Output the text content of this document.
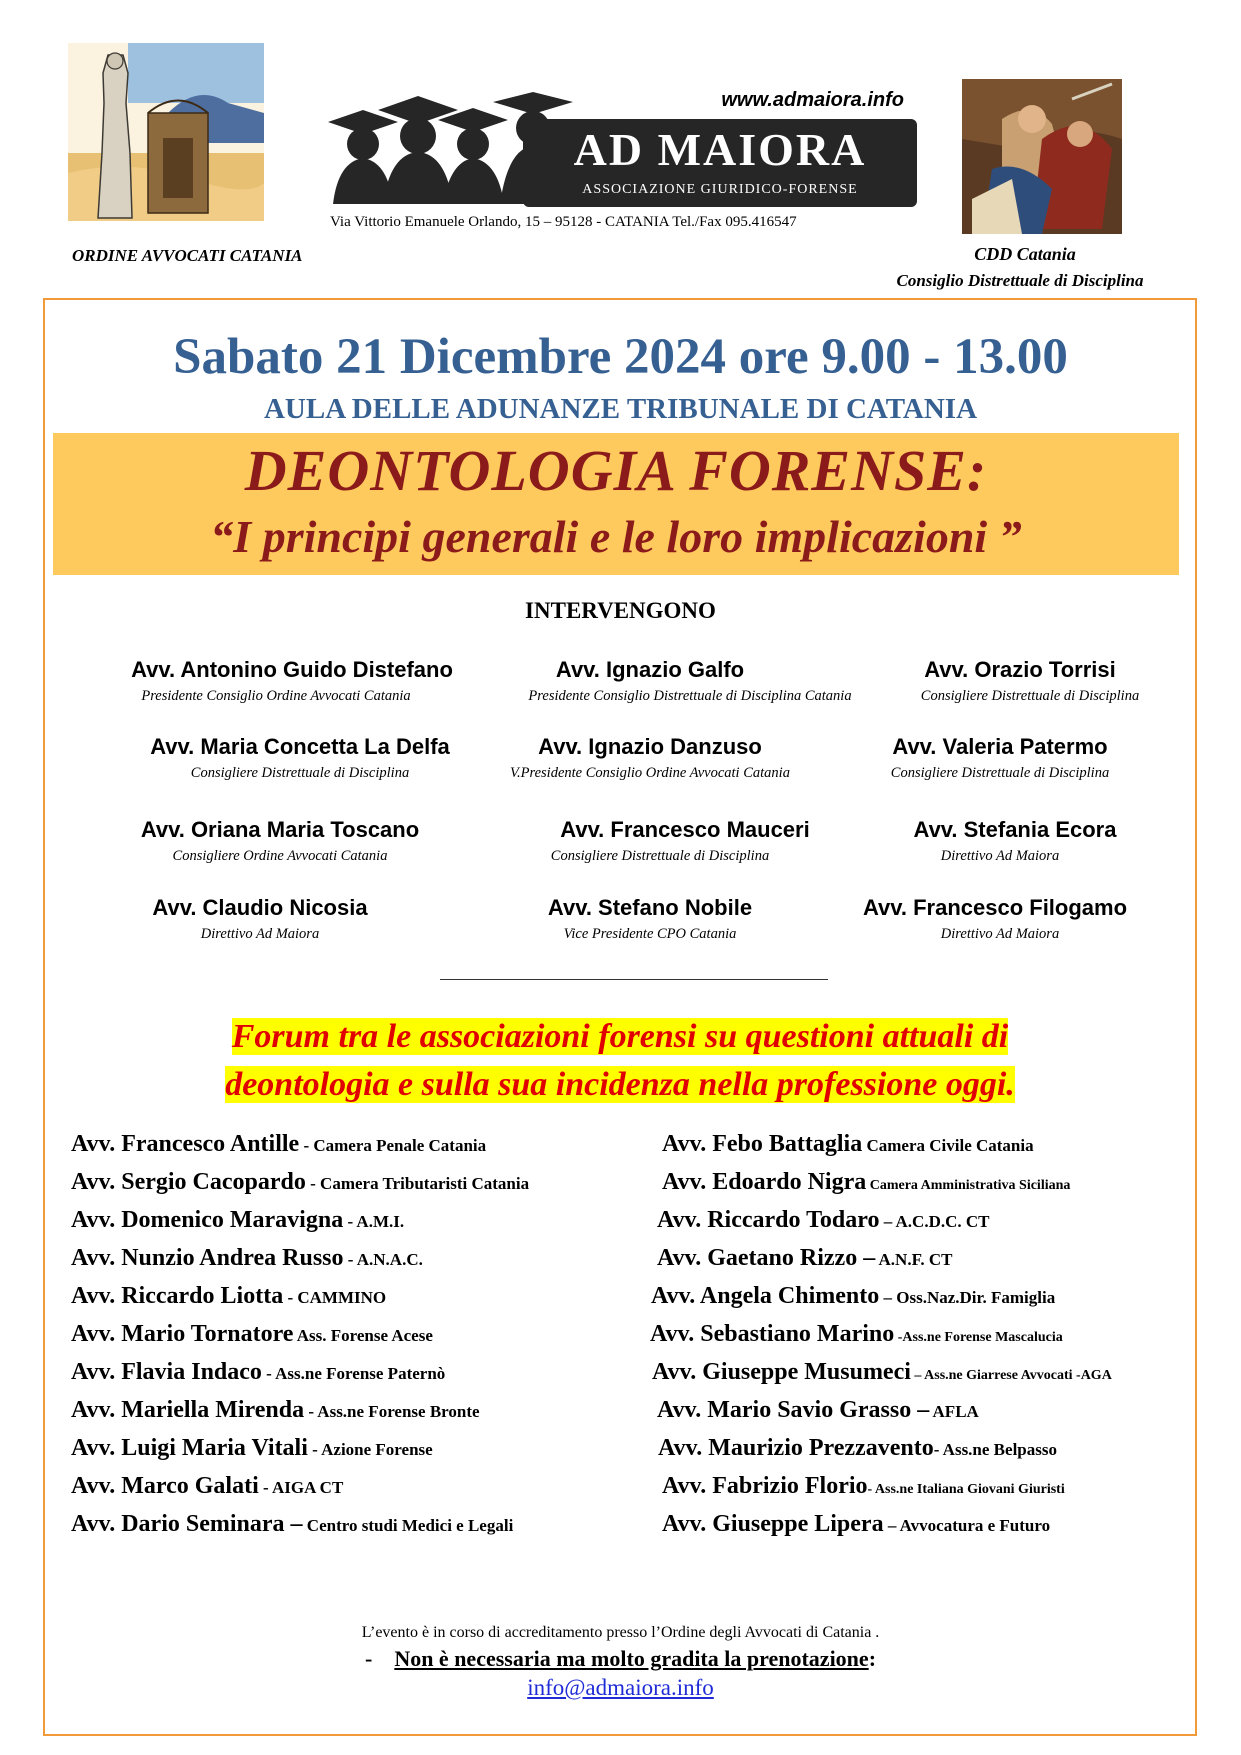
ORDINE AVVOCATI CATANIA
www.admaiora.info
AD MAIORA
ASSOCIAZIONE GIURIDICO-FORENSE
Via Vittorio Emanuele Orlando, 15 – 95128 - CATANIA Tel./Fax 095.416547
CDD Catania
Consiglio Distrettuale di Disciplina
Sabato 21 Dicembre 2024 ore 9.00 - 13.00
AULA DELLE ADUNANZE TRIBUNALE DI CATANIA
DEONTOLOGIA FORENSE:
“I principi generali e le loro implicazioni ”
INTERVENGONO
Avv. Antonino Guido Distefano
Presidente Consiglio Ordine Avvocati Catania
Avv. Ignazio Galfo
Presidente Consiglio Distrettuale di Disciplina Catania
Avv. Orazio Torrisi
Consigliere Distrettuale di Disciplina
Avv. Maria Concetta La Delfa
Consigliere Distrettuale di Disciplina
Avv. Ignazio Danzuso
V.Presidente Consiglio Ordine Avvocati Catania
Avv. Valeria Patermo
Consigliere Distrettuale di Disciplina
Avv. Oriana Maria Toscano
Consigliere Ordine Avvocati Catania
Avv. Francesco Mauceri
Consigliere Distrettuale di Disciplina
Avv. Stefania Ecora
Direttivo Ad Maiora
Avv. Claudio Nicosia
Direttivo Ad Maiora
Avv. Stefano Nobile
Vice Presidente CPO Catania
Avv. Francesco Filogamo
Direttivo Ad Maiora
Forum tra le associazioni forensi su questioni attuali di
deontologia e sulla sua incidenza nella professione oggi.
Avv. Francesco Antille - Camera Penale Catania
Avv. Sergio Cacopardo - Camera Tributaristi Catania
Avv. Domenico Maravigna - A.M.I.
Avv. Nunzio Andrea Russo - A.N.A.C.
Avv. Riccardo Liotta - CAMMINO
Avv. Mario Tornatore Ass. Forense Acese
Avv. Flavia Indaco - Ass.ne Forense Paternò
Avv. Mariella Mirenda - Ass.ne Forense Bronte
Avv. Luigi Maria Vitali - Azione Forense
Avv. Marco Galati - AIGA CT
Avv. Dario Seminara – Centro studi Medici e Legali
Avv. Febo Battaglia Camera Civile Catania
Avv. Edoardo Nigra Camera Amministrativa Siciliana
Avv. Riccardo Todaro – A.C.D.C. CT
Avv. Gaetano Rizzo – A.N.F. CT
Avv. Angela Chimento – Oss.Naz.Dir. Famiglia
Avv. Sebastiano Marino -Ass.ne Forense Mascalucia
Avv. Giuseppe Musumeci – Ass.ne Giarrese Avvocati -AGA
Avv. Mario Savio Grasso – AFLA
Avv. Maurizio Prezzavento- Ass.ne Belpasso
Avv. Fabrizio Florio- Ass.ne Italiana Giovani Giuristi
Avv. Giuseppe Lipera – Avvocatura e Futuro
L’evento è in corso di accreditamento presso l’Ordine degli Avvocati di Catania .
- Non è necessaria ma molto gradita la prenotazione:
info@admaiora.info
